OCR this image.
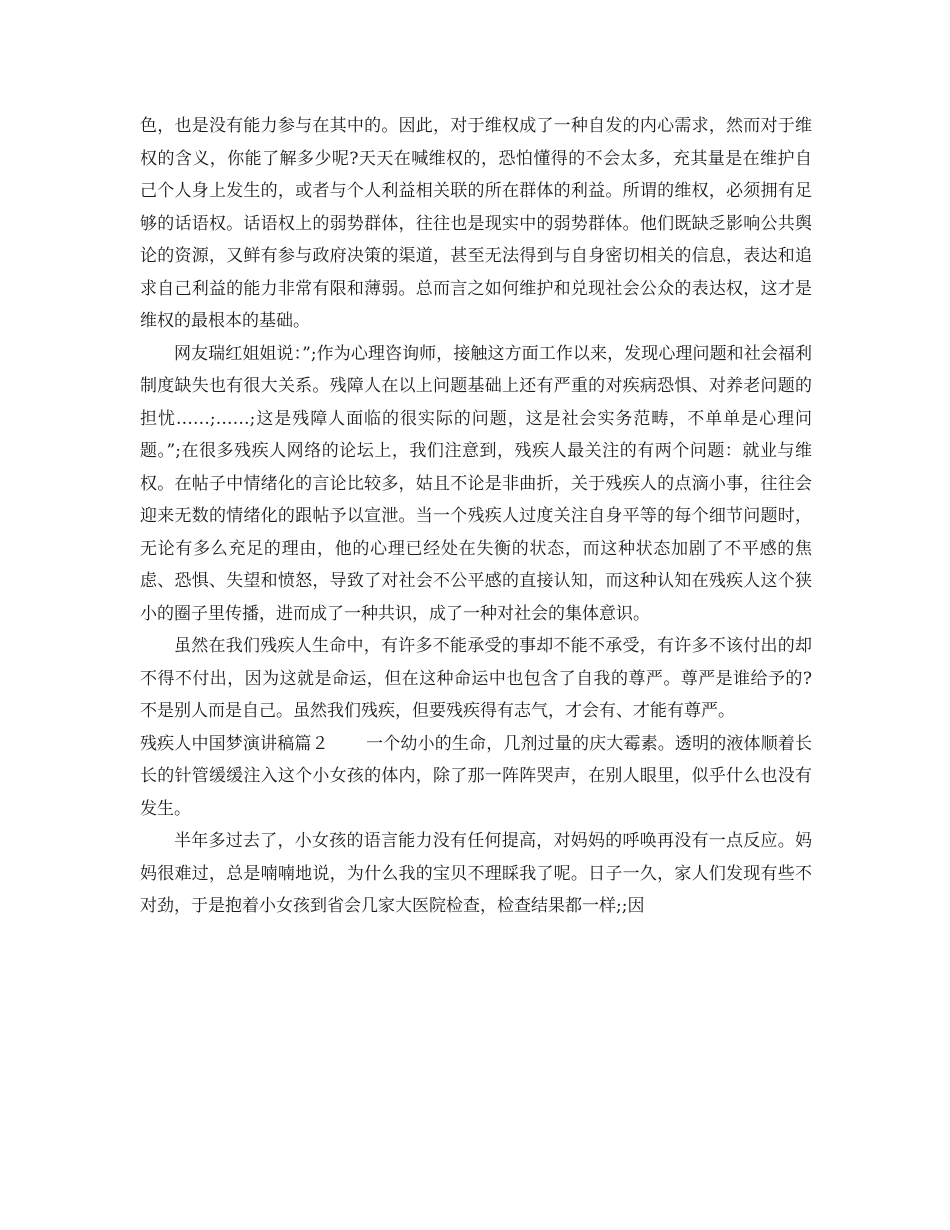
色，也是没有能力参与在其中的。因此，对于维权成了一种自发的内心需求，然而对于维权的含义，你能了解多少呢?天天在喊维权的，恐怕懂得的不会太多，充其量是在维护自己个人身上发生的，或者与个人利益相关联的所在群体的利益。所谓的维权，必须拥有足够的话语权。话语权上的弱势群体，往往也是现实中的弱势群体。他们既缺乏影响公共舆论的资源，又鲜有参与政府决策的渠道，甚至无法得到与自身密切相关的信息，表达和追求自己利益的能力非常有限和薄弱。总而言之如何维护和兑现社会公众的表达权，这才是维权的最根本的基础。

网友瑞红姐姐说：”;作为心理咨询师，接触这方面工作以来，发现心理问题和社会福利制度缺失也有很大关系。残障人在以上问题基础上还有严重的对疾病恐惧、对养老问题的担忧……;……;这是残障人面临的很实际的问题，这是社会实务范畴，不单单是心理问题。”;在很多残疾人网络的论坛上，我们注意到，残疾人最关注的有两个问题：就业与维权。在帖子中情绪化的言论比较多，姑且不论是非曲折，关于残疾人的点滴小事，往往会迎来无数的情绪化的跟帖予以宣泄。当一个残疾人过度关注自身平等的每个细节问题时，无论有多么充足的理由，他的心理已经处在失衡的状态，而这种状态加剧了不平感的焦虑、恐惧、失望和愤怒，导致了对社会不公平感的直接认知，而这种认知在残疾人这个狭小的圈子里传播，进而成了一种共识，成了一种对社会的集体意识。

虽然在我们残疾人生命中，有许多不能承受的事却不能不承受，有许多不该付出的却不得不付出，因为这就是命运，但在这种命运中也包含了自我的尊严。尊严是谁给予的?不是别人而是自己。虽然我们残疾，但要残疾得有志气，才会有、才能有尊严。

残疾人中国梦演讲稿篇２ 一个幼小的生命，几剂过量的庆大霉素。透明的液体顺着长长的针管缓缓注入这个小女孩的体内，除了那一阵阵哭声，在别人眼里，似乎什么也没有发生。

半年多过去了，小女孩的语言能力没有任何提高，对妈妈的呼唤再没有一点反应。妈妈很难过，总是喃喃地说，为什么我的宝贝不理睬我了呢。日子一久，家人们发现有些不对劲，于是抱着小女孩到省会几家大医院检查，检查结果都一样;;因
